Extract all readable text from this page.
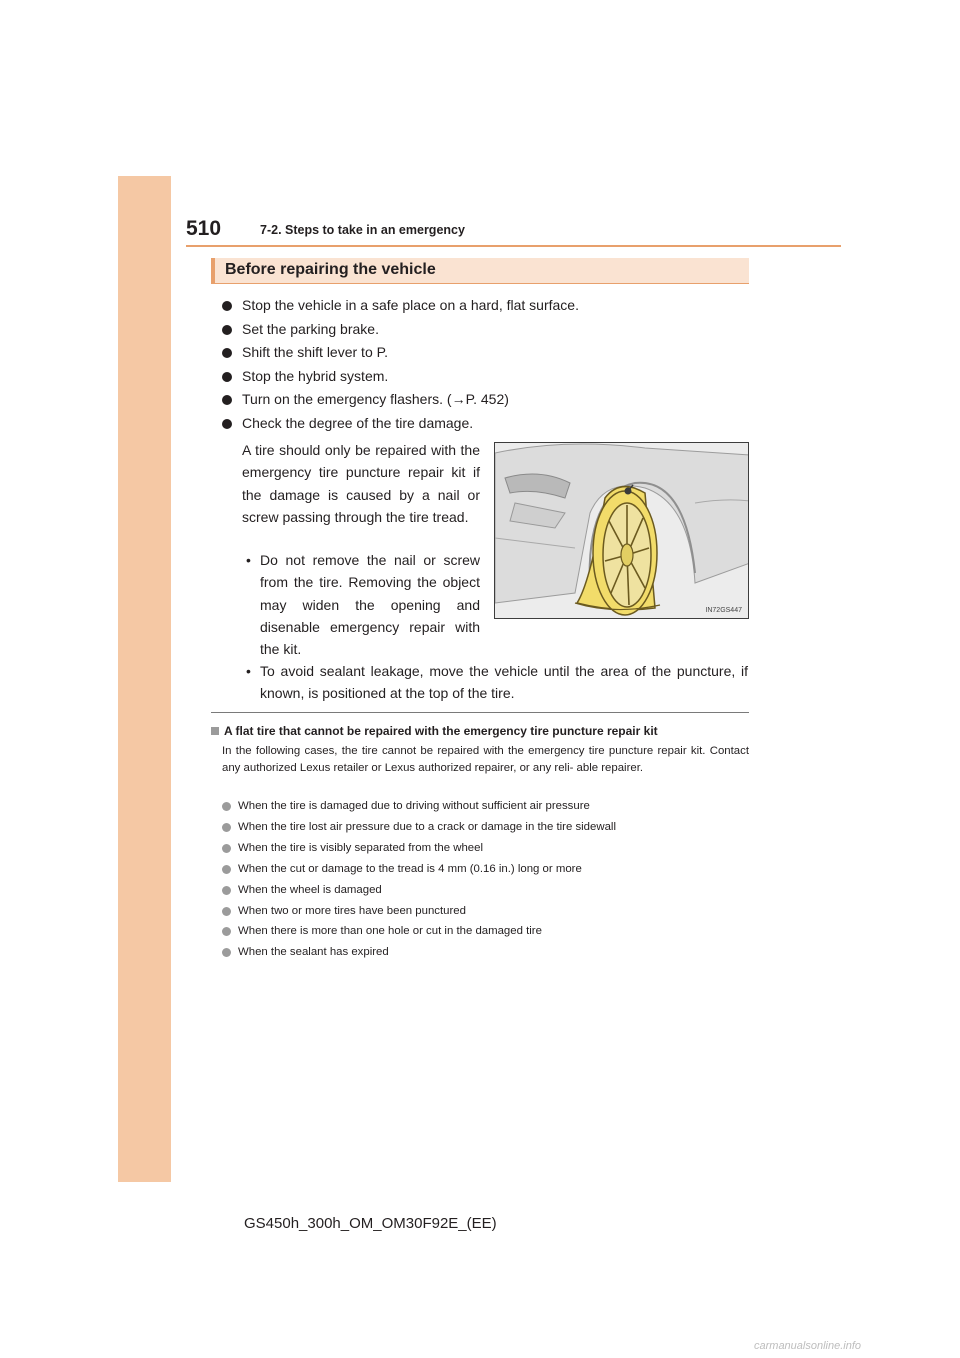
510	7-2. Steps to take in an emergency
Before repairing the vehicle
Stop the vehicle in a safe place on a hard, flat surface.
Set the parking brake.
Shift the shift lever to P.
Stop the hybrid system.
Turn on the emergency flashers. (→P. 452)
Check the degree of the tire damage.
A tire should only be repaired with the emergency tire puncture repair kit if the damage is caused by a nail or screw passing through the tire tread.
• Do not remove the nail or screw from the tire. Removing the object may widen the opening and disenable emergency repair with the kit.
• To avoid sealant leakage, move the vehicle until the area of the puncture, if known, is positioned at the top of the tire.
IN72GS447
A flat tire that cannot be repaired with the emergency tire puncture repair kit
In the following cases, the tire cannot be repaired with the emergency tire puncture repair kit. Contact any authorized Lexus retailer or Lexus authorized repairer, or any reli- able repairer.
When the tire is damaged due to driving without sufficient air pressure
When the tire lost air pressure due to a crack or damage in the tire sidewall
When the tire is visibly separated from the wheel
When the cut or damage to the tread is 4 mm (0.16 in.) long or more
When the wheel is damaged
When two or more tires have been punctured
When there is more than one hole or cut in the damaged tire
When the sealant has expired
GS450h_300h_OM_OM30F92E_(EE)
carmanualsonline.info
